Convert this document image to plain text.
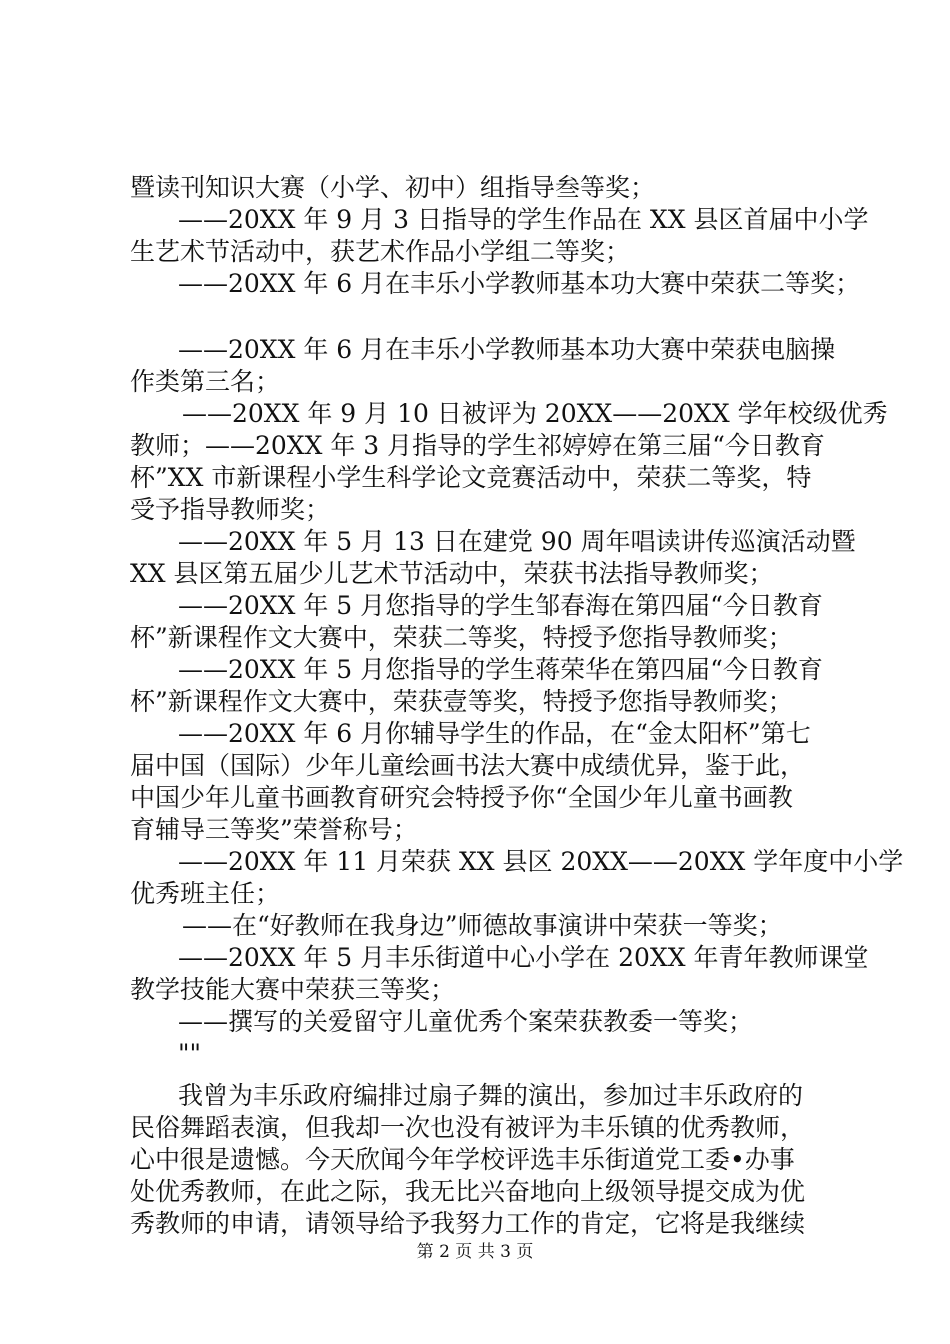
暨读刊知识大赛（小学、初中）组指导叁等奖；
——20XX 年 9 月 3 日指导的学生作品在 XX 县区首届中小学
生艺术节活动中，获艺术作品小学组二等奖；
——20XX 年 6 月在丰乐小学教师基本功大赛中荣获二等奖；
——20XX 年 6 月在丰乐小学教师基本功大赛中荣获电脑操
作类第三名；
——20XX 年 9 月 10 日被评为 20XX——20XX 学年校级优秀
教师；——20XX 年 3 月指导的学生祁婷婷在第三届“今日教育
杯”XX 市新课程小学生科学论文竞赛活动中，荣获二等奖，特
受予指导教师奖；
——20XX 年 5 月 13 日在建党 90 周年唱读讲传巡演活动暨
XX 县区第五届少儿艺术节活动中，荣获书法指导教师奖；
——20XX 年 5 月您指导的学生邹春海在第四届“今日教育
杯”新课程作文大赛中，荣获二等奖，特授予您指导教师奖；
——20XX 年 5 月您指导的学生蒋荣华在第四届“今日教育
杯”新课程作文大赛中，荣获壹等奖，特授予您指导教师奖；
——20XX 年 6 月你辅导学生的作品，在“金太阳杯”第七
届中国（国际）少年儿童绘画书法大赛中成绩优异，鉴于此，
中国少年儿童书画教育研究会特授予你“全国少年儿童书画教
育辅导三等奖”荣誉称号；
——20XX 年 11 月荣获 XX 县区 20XX——20XX 学年度中小学
优秀班主任；
——在“好教师在我身边”师德故事演讲中荣获一等奖；
——20XX 年 5 月丰乐街道中心小学在 20XX 年青年教师课堂
教学技能大赛中荣获三等奖；
——撰写的关爱留守儿童优秀个案荣获教委一等奖；
""
我曾为丰乐政府编排过扇子舞的演出，参加过丰乐政府的
民俗舞蹈表演，但我却一次也没有被评为丰乐镇的优秀教师，
心中很是遗憾。今天欣闻今年学校评选丰乐街道党工委•办事
处优秀教师，在此之际，我无比兴奋地向上级领导提交成为优
秀教师的申请，请领导给予我努力工作的肯定，它将是我继续
第 2 页 共 3 页
